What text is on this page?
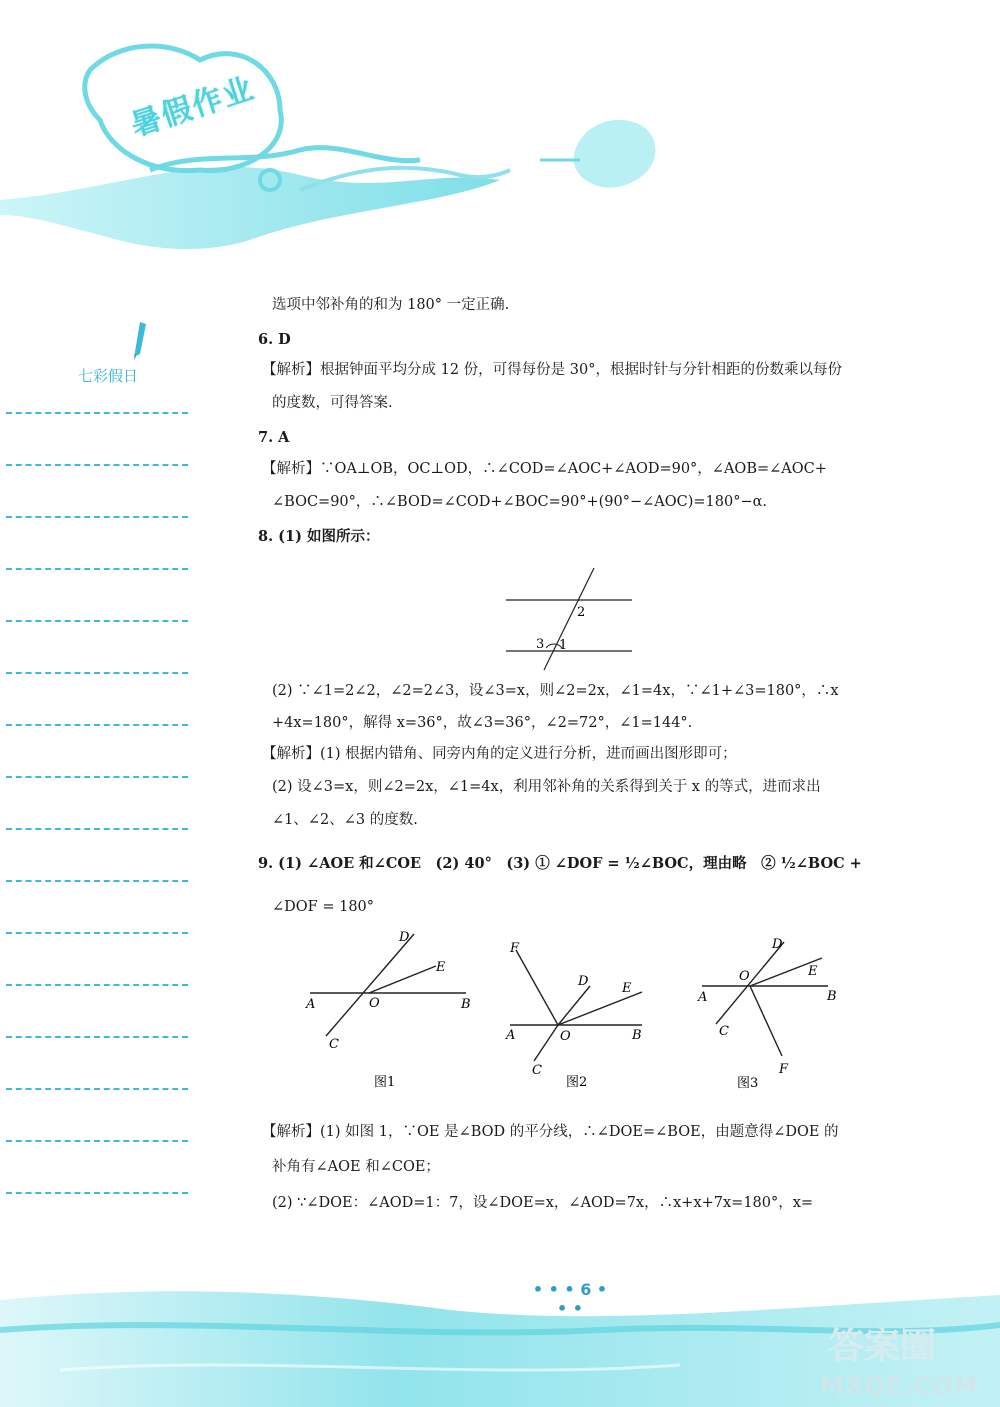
暑假作业
七彩假日
选项中邻补角的和为 180° 一定正确.
6. D
【解析】根据钟面平均分成 12 份，可得每份是 30°，根据时针与分针相距的份数乘以每份
的度数，可得答案.
7. A
【解析】∵OA⊥OB，OC⊥OD，∴∠COD=∠AOC+∠AOD=90°，∠AOB=∠AOC+
∠BOC=90°，∴∠BOD=∠COD+∠BOC=90°+(90°−∠AOC)=180°−α.
8. (1) 如图所示：
2
3 1
(2) ∵∠1=2∠2，∠2=2∠3，设∠3=x，则∠2=2x，∠1=4x，∵∠1+∠3=180°，∴x
+4x=180°，解得 x=36°，故∠3=36°，∠2=72°，∠1=144°.
【解析】(1) 根据内错角、同旁内角的定义进行分析，进而画出图形即可；
(2) 设∠3=x，则∠2=2x，∠1=4x，利用邻补角的关系得到关于 x 的等式，进而求出
∠1、∠2、∠3 的度数.
9. (1) ∠AOE 和∠COE　(2) 40°　(3) ① ∠DOF = ½∠BOC，理由略　② ½∠BOC +
∠DOF = 180°
D
E
A	O	B
C
图1
F
D	E
A	O	B
C
图2
D
E
O
A	B
C
F
图3
【解析】(1) 如图 1，∵OE 是∠BOD 的平分线，∴∠DOE=∠BOE，由题意得∠DOE 的
补角有∠AOE 和∠COE；
(2) ∵∠DOE：∠AOD=1：7，设∠DOE=x，∠AOD=7x，∴x+x+7x=180°，x=
• • • 6 • • •
答案圈
MXQE.COM
